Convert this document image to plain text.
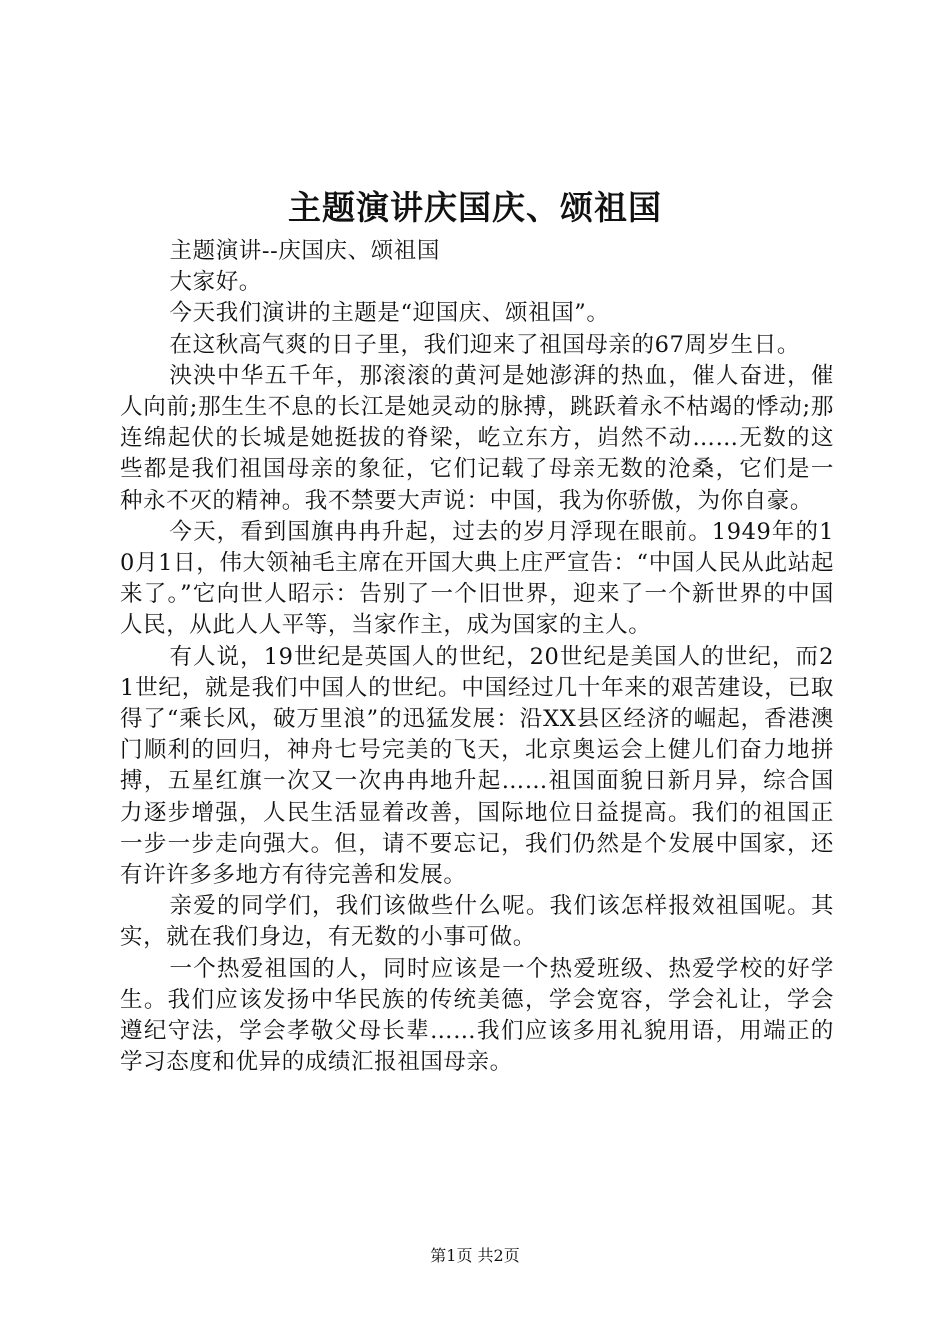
主题演讲庆国庆、颂祖国

主题演讲--庆国庆、颂祖国

大家好。

今天我们演讲的主题是“迎国庆、颂祖国”。

在这秋高气爽的日子里，我们迎来了祖国母亲的67周岁生日。

泱泱中华五千年，那滚滚的黄河是她澎湃的热血，催人奋进，催人向前;那生生不息的长江是她灵动的脉搏，跳跃着永不枯竭的悸动;那连绵起伏的长城是她挺拔的脊梁，屹立东方，岿然不动……无数的这些都是我们祖国母亲的象征，它们记载了母亲无数的沧桑，它们是一种永不灭的精神。我不禁要大声说：中国，我为你骄傲，为你自豪。

今天，看到国旗冉冉升起，过去的岁月浮现在眼前。1949年的10月1日，伟大领袖毛主席在开国大典上庄严宣告：“中国人民从此站起来了。”它向世人昭示：告别了一个旧世界，迎来了一个新世界的中国人民，从此人人平等，当家作主，成为国家的主人。

有人说，19世纪是英国人的世纪，20世纪是美国人的世纪，而21世纪，就是我们中国人的世纪。中国经过几十年来的艰苦建设，已取得了“乘长风，破万里浪”的迅猛发展：沿XX县区经济的崛起，香港澳门顺利的回归，神舟七号完美的飞天，北京奥运会上健儿们奋力地拼搏，五星红旗一次又一次冉冉地升起……祖国面貌日新月异，综合国力逐步增强，人民生活显着改善，国际地位日益提高。我们的祖国正一步一步走向强大。但，请不要忘记，我们仍然是个发展中国家，还有许许多多地方有待完善和发展。

亲爱的同学们，我们该做些什么呢。我们该怎样报效祖国呢。其实，就在我们身边，有无数的小事可做。

一个热爱祖国的人，同时应该是一个热爱班级、热爱学校的好学生。我们应该发扬中华民族的传统美德，学会宽容，学会礼让，学会遵纪守法，学会孝敬父母长辈……我们应该多用礼貌用语，用端正的学习态度和优异的成绩汇报祖国母亲。

第1页 共2页
